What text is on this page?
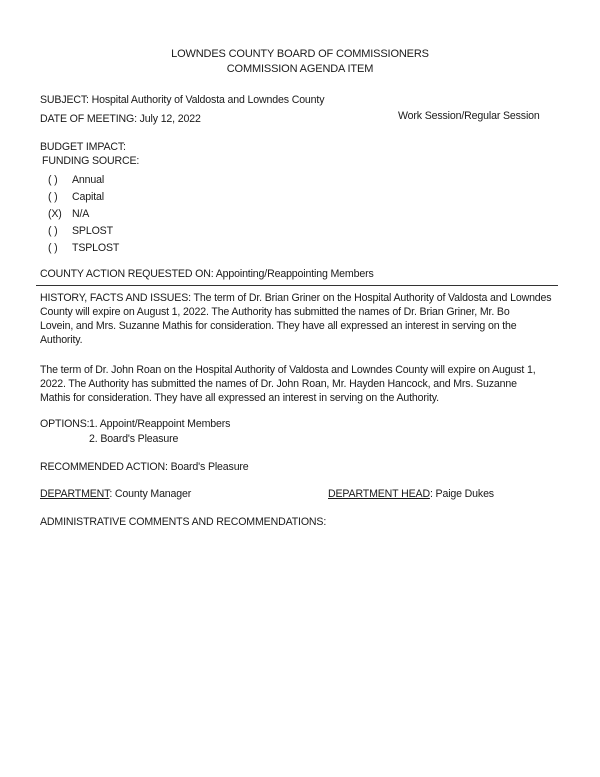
LOWNDES COUNTY BOARD OF COMMISSIONERS
COMMISSION AGENDA ITEM
SUBJECT: Hospital Authority of Valdosta and Lowndes County
DATE OF MEETING: July 12, 2022	Work Session/Regular Session
BUDGET IMPACT:
FUNDING SOURCE:
( ) Annual
( ) Capital
(X) N/A
( ) SPLOST
( ) TSPLOST
COUNTY ACTION REQUESTED ON: Appointing/Reappointing Members
HISTORY, FACTS AND ISSUES: The term of Dr. Brian Griner on the Hospital Authority of Valdosta and Lowndes
County will expire on August 1, 2022. The Authority has submitted the names of Dr. Brian Griner, Mr. Bo
Lovein, and Mrs. Suzanne Mathis for consideration. They have all expressed an interest in serving on the
Authority.
The term of Dr. John Roan on the Hospital Authority of Valdosta and Lowndes County will expire on August 1,
2022. The Authority has submitted the names of Dr. John Roan, Mr. Hayden Hancock, and Mrs. Suzanne
Mathis for consideration. They have all expressed an interest in serving on the Authority.
OPTIONS: 1. Appoint/Reappoint Members
2. Board's Pleasure
RECOMMENDED ACTION: Board's Pleasure
DEPARTMENT: County Manager	DEPARTMENT HEAD: Paige Dukes
ADMINISTRATIVE COMMENTS AND RECOMMENDATIONS:
